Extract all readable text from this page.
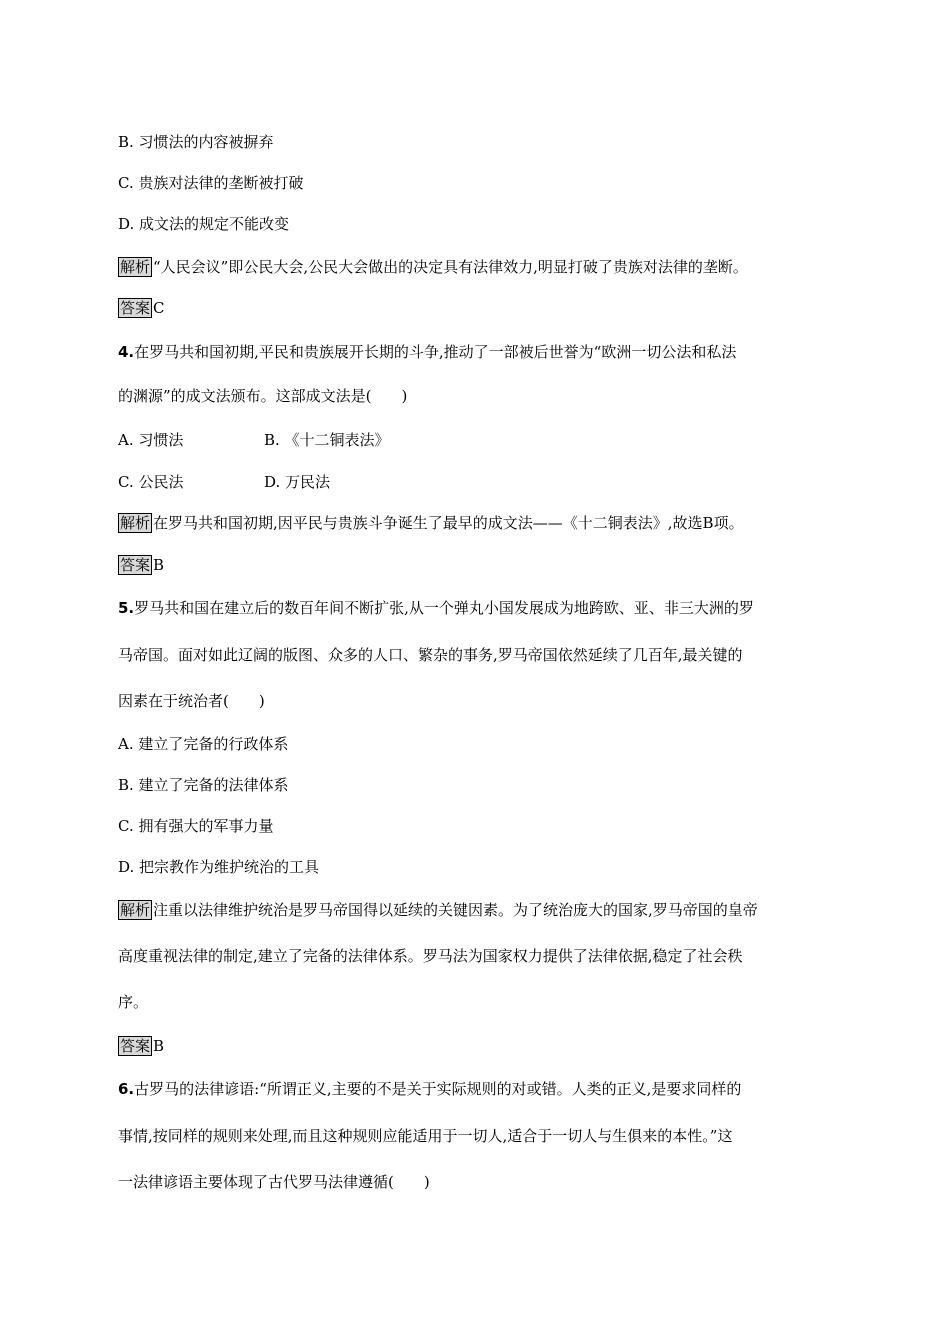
B. 习惯法的内容被摒弃
C. 贵族对法律的垄断被打破
D. 成文法的规定不能改变
解析 “人民会议”即公民大会,公民大会做出的决定具有法律效力,明显打破了贵族对法律的垄断。
答案 C
4.在罗马共和国初期,平民和贵族展开长期的斗争,推动了一部被后世誉为“欧洲一切公法和私法
的渊源”的成文法颁布。这部成文法是(　　)
A. 习惯法	B. 《十二铜表法》
C. 公民法	D. 万民法
解析 在罗马共和国初期,因平民与贵族斗争诞生了最早的成文法——《十二铜表法》,故选B项。
答案 B
5.罗马共和国在建立后的数百年间不断扩张,从一个弹丸小国发展成为地跨欧、亚、非三大洲的罗
马帝国。面对如此辽阔的版图、众多的人口、繁杂的事务,罗马帝国依然延续了几百年,最关键的
因素在于统治者(　　)
A. 建立了完备的行政体系
B. 建立了完备的法律体系
C. 拥有强大的军事力量
D. 把宗教作为维护统治的工具
解析 注重以法律维护统治是罗马帝国得以延续的关键因素。为了统治庞大的国家,罗马帝国的皇帝
高度重视法律的制定,建立了完备的法律体系。罗马法为国家权力提供了法律依据,稳定了社会秩
序。
答案 B
6.古罗马的法律谚语:“所谓正义,主要的不是关于实际规则的对或错。人类的正义,是要求同样的
事情,按同样的规则来处理,而且这种规则应能适用于一切人,适合于一切人与生俱来的本性。”这
一法律谚语主要体现了古代罗马法律遵循(　　)
